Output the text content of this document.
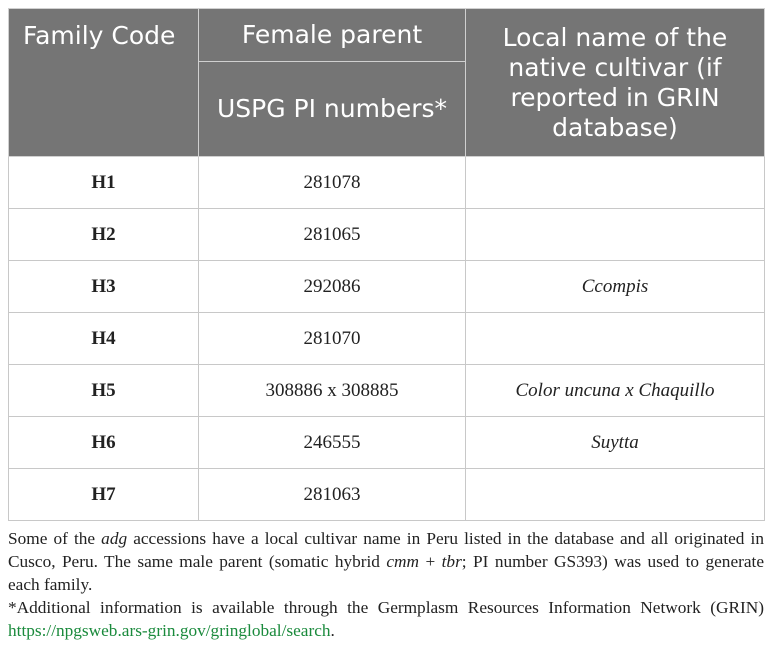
Family Code	Female parent	Local name of the native cultivar (if reported in GRIN database)
	USPG PI numbers*	
H1	281078	
H2	281065	
H3	292086	Ccompis
H4	281070	
H5	308886 x 308885	Color uncuna x Chaquillo
H6	246555	Suytta
H7	281063	

Some of the adg accessions have a local cultivar name in Peru listed in the database and all originated in Cusco, Peru. The same male parent (somatic hybrid cmm + tbr; PI number GS393) was used to generate each family.

*Additional information is available through the Germplasm Resources Information Network (GRIN) https://npgsweb.ars-grin.gov/gringlobal/search.
